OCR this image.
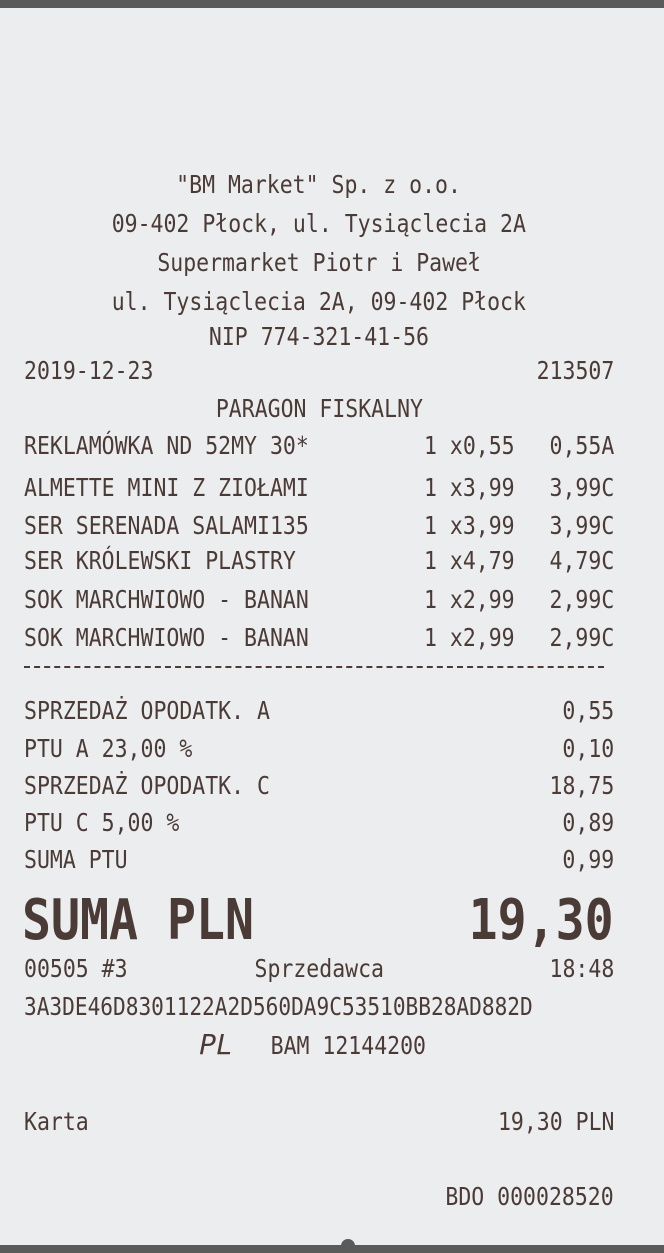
"BM Market" Sp. z o.o.
09-402 Płock, ul. Tysiąclecia 2A
Supermarket Piotr i Paweł
ul. Tysiąclecia 2A, 09-402 Płock
NIP 774-321-41-56
2019-12-23	213507
PARAGON FISKALNY
REKLAMÓWKA ND 52MY 30*	1 x0,55 0,55A
ALMETTE MINI Z ZIOŁAMI	1 x3,99 3,99C
SER SERENADA SALAMI135	1 x3,99 3,99C
SER KRÓLEWSKI PLASTRY	1 x4,79 4,79C
SOK MARCHWIOWO - BANAN	1 x2,99 2,99C
SOK MARCHWIOWO - BANAN	1 x2,99 2,99C
SPRZEDAŻ OPODATK. A	0,55
PTU A 23,00 %	0,10
SPRZEDAŻ OPODATK. C	18,75
PTU C 5,00 %	0,89
SUMA PTU	0,99
SUMA PLN	19,30
00505 #3	Sprzedawca	18:48
3A3DE46D8301122A2D560DA9C53510BB28AD882D
PL BAM 12144200
Karta	19,30 PLN
BDO 000028520
